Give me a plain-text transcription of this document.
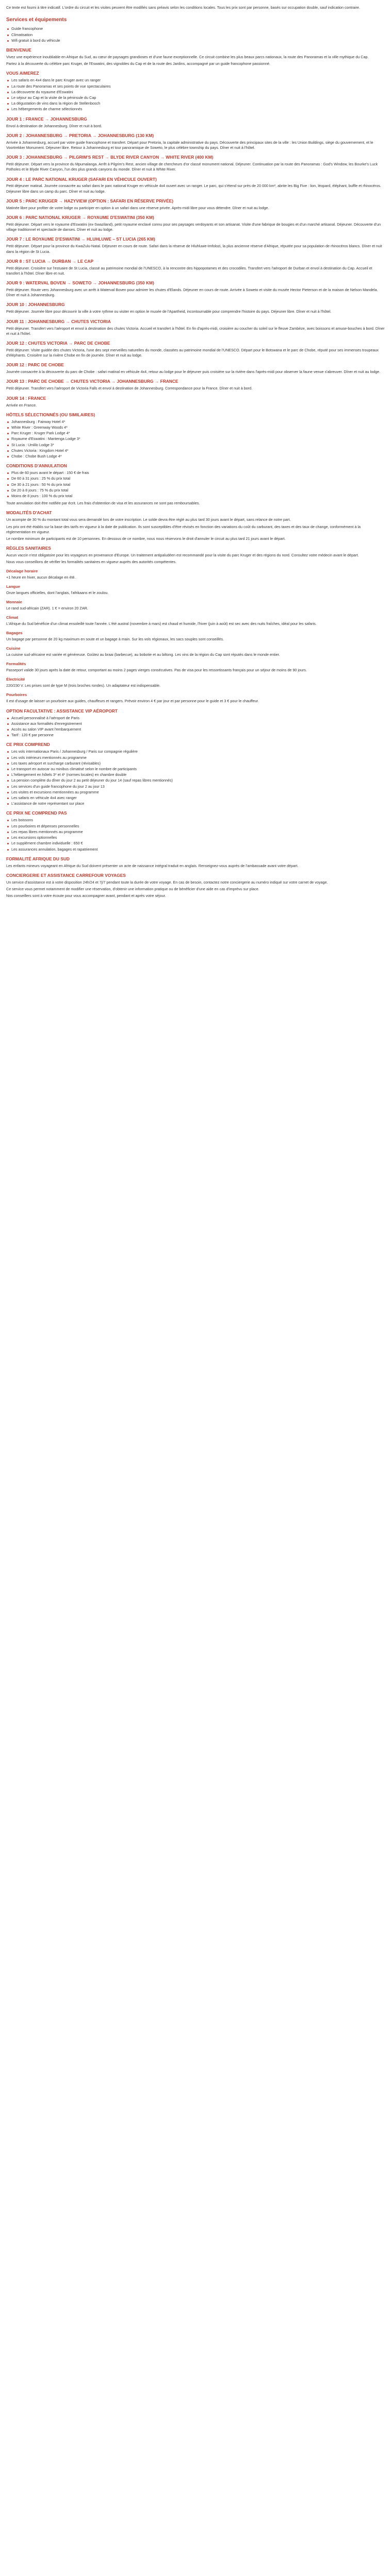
Ce texte est fourni à titre indicatif. L'ordre du circuit et les visites peuvent être modifiés sans préavis selon les conditions locales. Tous les prix sont par personne, basés sur occupation double, sauf indication contraire.

Services et équipements
Guide francophone
Climatisation
Wifi gratuit à bord du véhicule
BIENVENUE

Vivez une expérience inoubliable en Afrique du Sud, au cœur de paysages grandioses et d'une faune exceptionnelle. Ce circuit combine les plus beaux parcs nationaux, la route des Panoramas et la ville mythique du Cap.

Partez à la découverte du célèbre parc Kruger, de l'Eswatini, des vignobles du Cap et de la route des Jardins, accompagné par un guide francophone passionné.

VOUS AIMEREZ
Les safaris en 4x4 dans le parc Kruger avec un ranger
La route des Panoramas et ses points de vue spectaculaires
La découverte du royaume d'Eswatini
Le séjour au Cap et la visite de la péninsule du Cap
La dégustation de vins dans la région de Stellenbosch
Les hébergements de charme sélectionnés
JOUR 1 : FRANCE → JOHANNESBURG

Envol à destination de Johannesburg. Dîner et nuit à bord.

JOUR 2 : JOHANNESBURG → PRETORIA → JOHANNESBURG (130 KM)

Arrivée à Johannesburg, accueil par votre guide francophone et transfert. Départ pour Pretoria, la capitale administrative du pays. Découverte des principaux sites de la ville : les Union Buildings, siège du gouvernement, et le Voortrekker Monument. Déjeuner libre. Retour à Johannesburg et tour panoramique de Soweto, le plus célèbre township du pays. Dîner et nuit à l'hôtel.

JOUR 3 : JOHANNESBURG → PILGRIM'S REST → BLYDE RIVER CANYON → WHITE RIVER (400 KM)

Petit déjeuner. Départ vers la province du Mpumalanga. Arrêt à Pilgrim's Rest, ancien village de chercheurs d'or classé monument national. Déjeuner. Continuation par la route des Panoramas : God's Window, les Bourke's Luck Potholes et le Blyde River Canyon, l'un des plus grands canyons du monde. Dîner et nuit à White River.

JOUR 4 : LE PARC NATIONAL KRUGER (SAFARI EN VÉHICULE OUVERT)

Petit déjeuner matinal. Journée consacrée au safari dans le parc national Kruger en véhicule 4x4 ouvert avec un ranger. Le parc, qui s'étend sur près de 20 000 km², abrite les Big Five : lion, léopard, éléphant, buffle et rhinocéros. Déjeuner libre dans un camp du parc. Dîner et nuit au lodge.

JOUR 5 : PARC KRUGER → HAZYVIEW (OPTION : SAFARI EN RÉSERVE PRIVÉE)

Matinée libre pour profiter de votre lodge ou participer en option à un safari dans une réserve privée. Après-midi libre pour vous détendre. Dîner et nuit au lodge.

JOUR 6 : PARC NATIONAL KRUGER → ROYAUME D'ESWATINI (350 KM)

Petit déjeuner. Départ vers le royaume d'Eswatini (ex-Swaziland), petit royaume enclavé connu pour ses paysages verdoyants et son artisanat. Visite d'une fabrique de bougies et d'un marché artisanal. Déjeuner. Découverte d'un village traditionnel et spectacle de danses. Dîner et nuit au lodge.

JOUR 7 : LE ROYAUME D'ESWATINI → HLUHLUWE – ST LUCIA (265 KM)

Petit déjeuner. Départ pour la province du KwaZulu-Natal. Déjeuner en cours de route. Safari dans la réserve de Hluhluwe-Imfolozi, la plus ancienne réserve d'Afrique, réputée pour sa population de rhinocéros blancs. Dîner et nuit dans la région de St Lucia.

JOUR 8 : ST LUCIA → DURBAN → LE CAP

Petit déjeuner. Croisière sur l'estuaire de St Lucia, classé au patrimoine mondial de l'UNESCO, à la rencontre des hippopotames et des crocodiles. Transfert vers l'aéroport de Durban et envol à destination du Cap. Accueil et transfert à l'hôtel. Dîner libre et nuit.

JOUR 9 : WATERVAL BOVEN → SOWETO → JOHANNESBURG (350 KM)

Petit déjeuner. Route vers Johannesburg avec un arrêt à Waterval Boven pour admirer les chutes d'Elands. Déjeuner en cours de route. Arrivée à Soweto et visite du musée Hector Pieterson et de la maison de Nelson Mandela. Dîner et nuit à Johannesburg.

JOUR 10 : JOHANNESBURG

Petit déjeuner. Journée libre pour découvrir la ville à votre rythme ou visiter en option le musée de l'Apartheid, incontournable pour comprendre l'histoire du pays. Déjeuner libre. Dîner et nuit à l'hôtel.

JOUR 11 : JOHANNESBURG → CHUTES VICTORIA

Petit déjeuner. Transfert vers l'aéroport et envol à destination des chutes Victoria. Accueil et transfert à l'hôtel. En fin d'après-midi, croisière au coucher du soleil sur le fleuve Zambèze, avec boissons et amuse-bouches à bord. Dîner et nuit à l'hôtel.

JOUR 12 : CHUTES VICTORIA → PARC DE CHOBE

Petit déjeuner. Visite guidée des chutes Victoria, l'une des sept merveilles naturelles du monde, classées au patrimoine mondial de l'UNESCO. Départ pour le Botswana et le parc de Chobe, réputé pour ses immenses troupeaux d'éléphants. Croisière sur la rivière Chobe en fin de journée. Dîner et nuit au lodge.

JOUR 12 : PARC DE CHOBE

Journée consacrée à la découverte du parc de Chobe : safari matinal en véhicule 4x4, retour au lodge pour le déjeuner puis croisière sur la rivière dans l'après-midi pour observer la faune venue s'abreuver. Dîner et nuit au lodge.

JOUR 13 : PARC DE CHOBE → CHUTES VICTORIA → JOHANNESBURG → FRANCE

Petit déjeuner. Transfert vers l'aéroport de Victoria Falls et envol à destination de Johannesburg. Correspondance pour la France. Dîner et nuit à bord.

JOUR 14 : FRANCE

Arrivée en France.

HÔTELS SÉLECTIONNÉS (OU SIMILAIRES)
Johannesburg : Fairway Hotel 4*
White River : Greenway Woods 4*
Parc Kruger : Kruger Park Lodge 4*
Royaume d'Eswatini : Mantenga Lodge 3*
St Lucia : Umlilo Lodge 3*
Chutes Victoria : Kingdom Hotel 4*
Chobe : Chobe Bush Lodge 4*
CONDITIONS D'ANNULATION
Plus de 60 jours avant le départ : 150 € de frais
De 60 à 31 jours : 25 % du prix total
De 30 à 21 jours : 50 % du prix total
De 20 à 8 jours : 75 % du prix total
Moins de 8 jours : 100 % du prix total

Toute annulation doit être notifiée par écrit. Les frais d'obtention de visa et les assurances ne sont pas remboursables.

MODALITÉS D'ACHAT

Un acompte de 30 % du montant total vous sera demandé lors de votre inscription. Le solde devra être réglé au plus tard 30 jours avant le départ, sans relance de notre part.

Les prix ont été établis sur la base des tarifs en vigueur à la date de publication. Ils sont susceptibles d'être révisés en fonction des variations du coût du carburant, des taxes et des taux de change, conformément à la réglementation en vigueur.

Le nombre minimum de participants est de 10 personnes. En dessous de ce nombre, nous nous réservons le droit d'annuler le circuit au plus tard 21 jours avant le départ.

RÈGLES SANITAIRES

Aucun vaccin n'est obligatoire pour les voyageurs en provenance d'Europe. Un traitement antipaludéen est recommandé pour la visite du parc Kruger et des régions du nord. Consultez votre médecin avant le départ.

Nous vous conseillons de vérifier les formalités sanitaires en vigueur auprès des autorités compétentes.

Décalage horaire

+1 heure en hiver, aucun décalage en été.

Langue

Onze langues officielles, dont l'anglais, l'afrikaans et le zoulou.

Monnaie

Le rand sud-africain (ZAR). 1 € = environ 20 ZAR.

Climat

L'Afrique du Sud bénéficie d'un climat ensoleillé toute l'année. L'été austral (novembre à mars) est chaud et humide, l'hiver (juin à août) est sec avec des nuits fraîches, idéal pour les safaris.

Bagages

Un bagage par personne de 20 kg maximum en soute et un bagage à main. Sur les vols régionaux, les sacs souples sont conseillés.

Cuisine

La cuisine sud-africaine est variée et généreuse. Goûtez au braai (barbecue), au bobotie et au biltong. Les vins de la région du Cap sont réputés dans le monde entier.

Formalités

Passeport valide 30 jours après la date de retour, comportant au moins 2 pages vierges consécutives. Pas de visa pour les ressortissants français pour un séjour de moins de 90 jours.

Électricité

220/230 V. Les prises sont de type M (trois broches rondes). Un adaptateur est indispensable.

Pourboires

Il est d'usage de laisser un pourboire aux guides, chauffeurs et rangers. Prévoir environ 4 € par jour et par personne pour le guide et 3 € pour le chauffeur.

OPTION FACULTATIVE : ASSISTANCE VIP AÉROPORT
Accueil personnalisé à l'aéroport de Paris
Assistance aux formalités d'enregistrement
Accès au salon VIP avant l'embarquement
Tarif : 120 € par personne
CE PRIX COMPREND
Les vols internationaux Paris / Johannesburg / Paris sur compagnie régulière
Les vols intérieurs mentionnés au programme
Les taxes aéroport et surcharge carburant (révisables)
Le transport en autocar ou minibus climatisé selon le nombre de participants
L'hébergement en hôtels 3* et 4* (normes locales) en chambre double
La pension complète du dîner du jour 2 au petit déjeuner du jour 14 (sauf repas libres mentionnés)
Les services d'un guide francophone du jour 2 au jour 13
Les visites et excursions mentionnées au programme
Les safaris en véhicule 4x4 avec ranger
L'assistance de notre représentant sur place
CE PRIX NE COMPREND PAS
Les boissons
Les pourboires et dépenses personnelles
Les repas libres mentionnés au programme
Les excursions optionnelles
Le supplément chambre individuelle : 650 €
Les assurances annulation, bagages et rapatriement
FORMALITÉ AFRIQUE DU SUD

Les enfants mineurs voyageant en Afrique du Sud doivent présenter un acte de naissance intégral traduit en anglais. Renseignez-vous auprès de l'ambassade avant votre départ.

CONCIERGERIE ET ASSISTANCE CARREFOUR VOYAGES

Un service d'assistance est à votre disposition 24h/24 et 7j/7 pendant toute la durée de votre voyage. En cas de besoin, contactez notre conciergerie au numéro indiqué sur votre carnet de voyage.

Ce service vous permet notamment de modifier une réservation, d'obtenir une information pratique ou de bénéficier d'une aide en cas d'imprévu sur place.

Nos conseillers sont à votre écoute pour vous accompagner avant, pendant et après votre séjour.
